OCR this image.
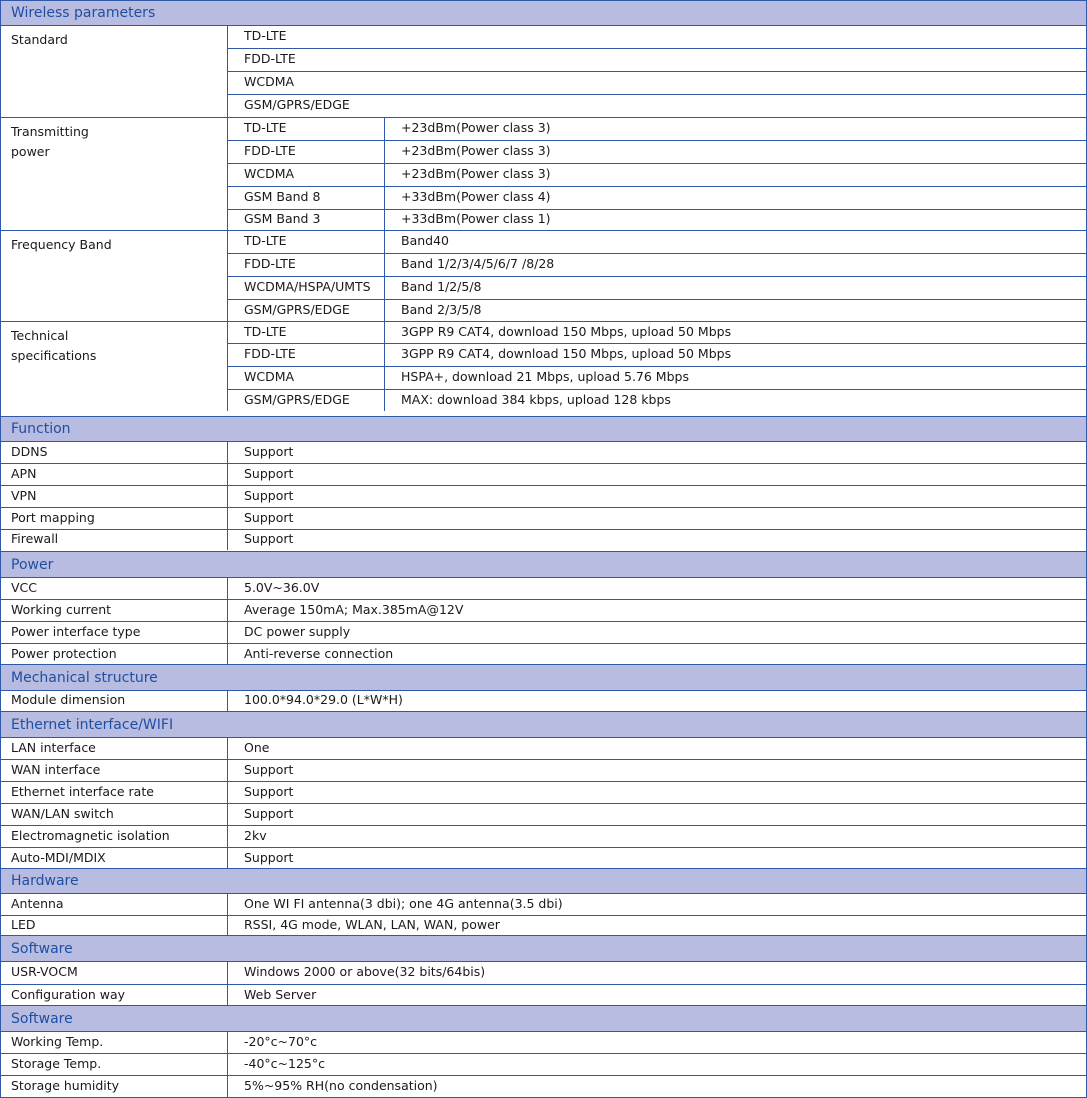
Wireless parameters
Standard	TD-LTE
FDD-LTE
WCDMA
GSM/GPRS/EDGE
Transmitting
power
TD-LTE	+23dBm(Power class 3)
FDD-LTE	+23dBm(Power class 3)
WCDMA	+23dBm(Power class 3)
GSM Band 8	+33dBm(Power class 4)
GSM Band 3	+33dBm(Power class 1)
Frequency Band	TD-LTE	Band40
FDD-LTE	Band 1/2/3/4/5/6/7 /8/28
WCDMA/HSPA/UMTS	Band 1/2/5/8
GSM/GPRS/EDGE	Band 2/3/5/8
Technical
specifications
TD-LTE	3GPP R9 CAT4, download 150 Mbps, upload 50 Mbps
FDD-LTE	3GPP R9 CAT4, download 150 Mbps, upload 50 Mbps
WCDMA	HSPA+, download 21 Mbps, upload 5.76 Mbps
GSM/GPRS/EDGE	MAX: download 384 kbps, upload 128 kbps
Function
DDNS	Support
APN	Support
VPN	Support
Port mapping	Support
Firewall	Support
Power
VCC	5.0V~36.0V
Working current	Average 150mA; Max.385mA@12V
Power interface type	DC power supply
Power protection	Anti-reverse connection
Mechanical structure
Module dimension	100.0*94.0*29.0 (L*W*H)
Ethernet interface/WIFI
LAN interface	One
WAN interface	Support
Ethernet interface rate	Support
WAN/LAN switch	Support
Electromagnetic isolation	2kv
Auto-MDI/MDIX	Support
Hardware
Antenna	One WI FI antenna(3 dbi); one 4G antenna(3.5 dbi)
LED	RSSI, 4G mode, WLAN, LAN, WAN, power
Software
USR-VOCM	Windows 2000 or above(32 bits/64bis)
Configuration way	Web Server
Software
Working Temp.	-20°c~70°c
Storage Temp.	-40°c~125°c
Storage humidity	5%~95% RH(no condensation)
